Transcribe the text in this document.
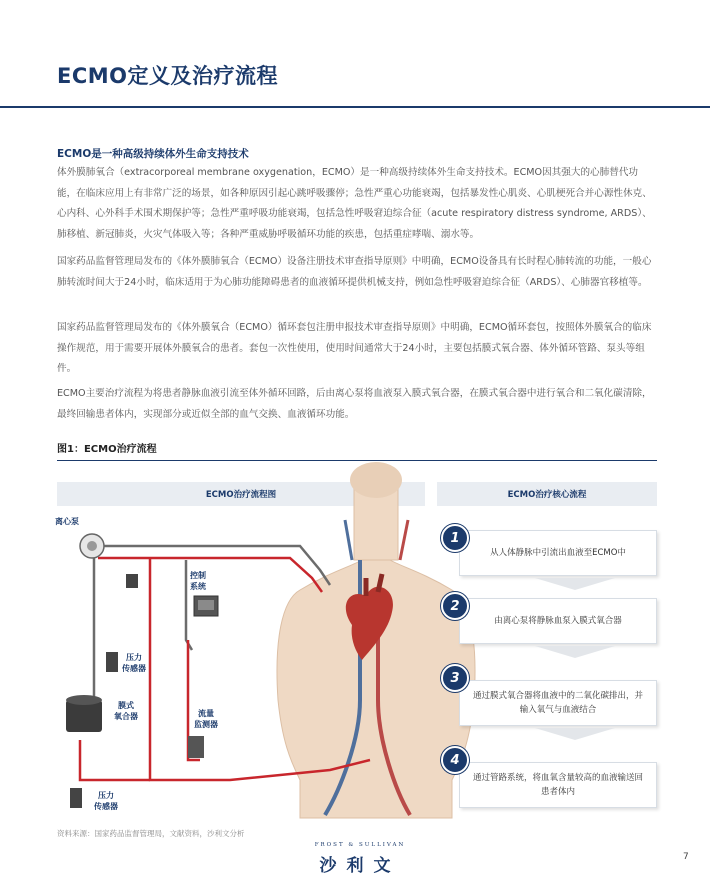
ECMO定义及治疗流程
ECMO是一种高级持续体外生命支持技术
体外膜肺氧合（extracorporeal membrane oxygenation，ECMO）是一种高级持续体外生命支持技术。ECMO因其强大的心肺替代功能，在临床应用上有非常广泛的场景，如各种原因引起心跳呼吸骤停；急性严重心功能衰竭，包括暴发性心肌炎、心肌梗死合并心源性休克、心内科、心外科手术围术期保护等；急性严重呼吸功能衰竭，包括急性呼吸窘迫综合征（acute respiratory distress syndrome, ARDS）、肺移植、新冠肺炎，火灾气体吸入等；各种严重威胁呼吸循环功能的疾患，包括重症哮喘、溺水等。
国家药品监督管理局发布的《体外膜肺氧合（ECMO）设备注册技术审查指导原则》中明确，ECMO设备具有长时程心肺转流的功能，一般心肺转流时间大于24小时，临床适用于为心肺功能障碍患者的血液循环提供机械支持，例如急性呼吸窘迫综合征（ARDS）、心肺器官移植等。
国家药品监督管理局发布的《体外膜氧合（ECMO）循环套包注册申报技术审查指导原则》中明确，ECMO循环套包，按照体外膜氧合的临床操作规范，用于需要开展体外膜氧合的患者。套包一次性使用，使用时间通常大于24小时，主要包括膜式氧合器、体外循环管路、泵头等组件。
ECMO主要治疗流程为将患者静脉血液引流至体外循环回路，后由离心泵将血液泵入膜式氧合器，在膜式氧合器中进行氧合和二氧化碳清除，最终回输患者体内，实现部分或近似全部的血气交换、血液循环功能。
图1：ECMO治疗流程
ECMO治疗流程图	ECMO治疗核心流程
离心泵
控制
系统
压力
传感器
膜式
氧合器	流量
监测器
压力
传感器
从人体静脉中引流出血液至ECMO中
1
由离心泵将静脉血泵入膜式氧合器
2
通过膜式氧合器将血液中的二氧化碳排出，并输入氧气与血液结合
3
通过管路系统，将血氧含量较高的血液输送回患者体内
4
资料来源：国家药品监督管理局，文献资料，沙利文分析
FROST & SULLIVAN
沙利文	7
